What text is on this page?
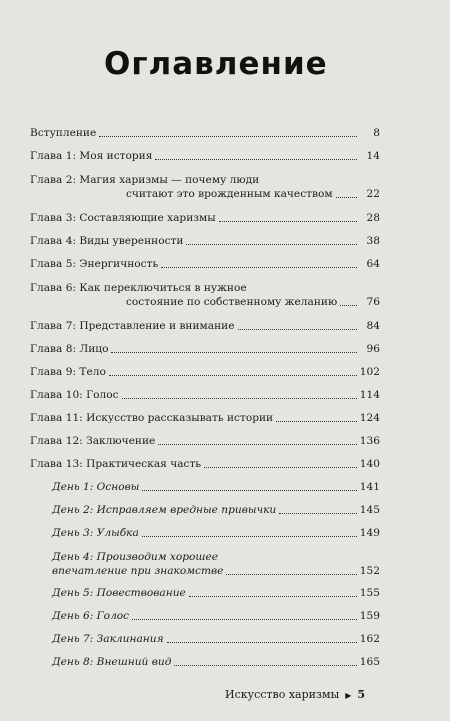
Оглавление
Вступление	8
Глава 1: Моя история	14
Глава 2: Магия харизмы — почему люди
считают это врожденным качеством	22
Глава 3: Составляющие харизмы	28
Глава 4: Виды уверенности	38
Глава 5: Энергичность	64
Глава 6: Как переключиться в нужное
состояние по собственному желанию	76
Глава 7: Представление и внимание	84
Глава 8: Лицо	96
Глава 9: Тело	102
Глава 10: Голос	114
Глава 11: Искусство рассказывать истории	124
Глава 12: Заключение	136
Глава 13: Практическая часть	140
День 1: Основы	141
День 2: Исправляем вредные привычки	145
День 3: Улыбка	149
День 4: Производим хорошее
впечатление при знакомстве	152
День 5: Повествование	155
День 6: Голос	159
День 7: Заклинания	162
День 8: Внешний вид	165
Искусство харизмы ▶ 5
